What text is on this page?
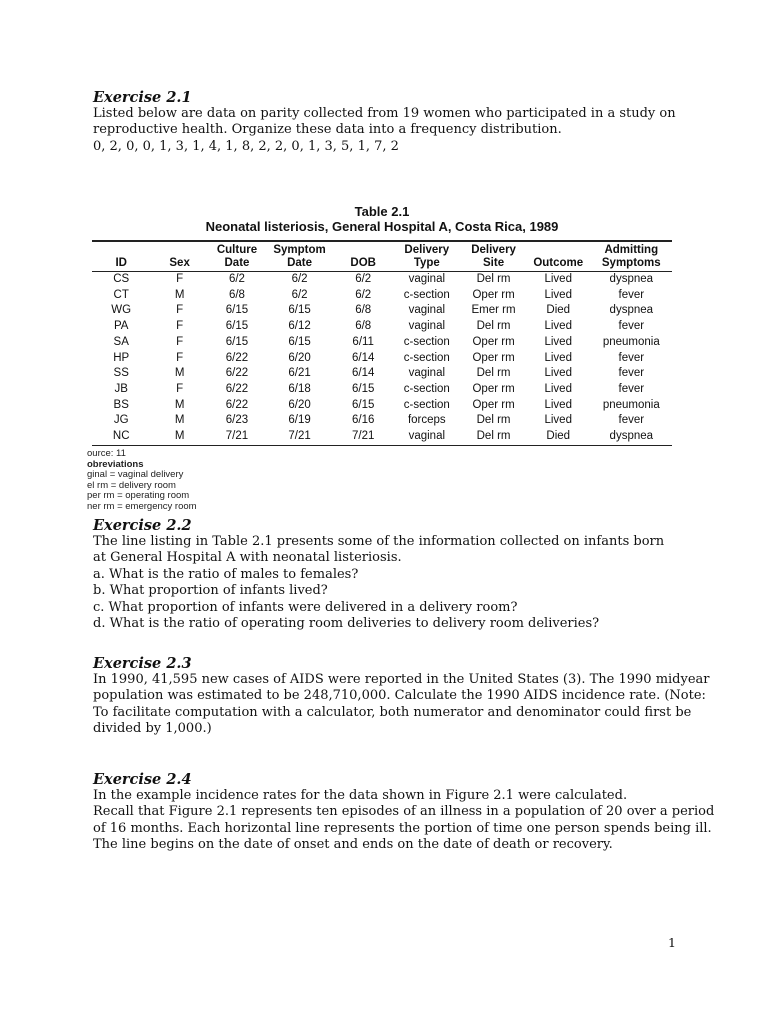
Exercise 2.1

Listed below are data on parity collected from 19 women who participated in a study on
reproductive health. Organize these data into a frequency distribution.
0, 2, 0, 0, 1, 3, 1, 4, 1, 8, 2, 2, 0, 1, 3, 5, 1, 7, 2
Table 2.1
Neonatal listeriosis, General Hospital A, Costa Rica, 1989
ID	Sex	Culture Date	Symptom Date	DOB	Delivery Type	Delivery Site	Outcome	Admitting Symptoms
CS	F	6/2	6/2	6/2	vaginal	Del rm	Lived	dyspnea
CT	M	6/8	6/2	6/2	c-section	Oper rm	Lived	fever
WG	F	6/15	6/15	6/8	vaginal	Emer rm	Died	dyspnea
PA	F	6/15	6/12	6/8	vaginal	Del rm	Lived	fever
SA	F	6/15	6/15	6/11	c-section	Oper rm	Lived	pneumonia
HP	F	6/22	6/20	6/14	c-section	Oper rm	Lived	fever
SS	M	6/22	6/21	6/14	vaginal	Del rm	Lived	fever
JB	F	6/22	6/18	6/15	c-section	Oper rm	Lived	fever
BS	M	6/22	6/20	6/15	c-section	Oper rm	Lived	pneumonia
JG	M	6/23	6/19	6/16	forceps	Del rm	Lived	fever
NC	M	7/21	7/21	7/21	vaginal	Del rm	Died	dyspnea
ource: 11
obreviations
ginal = vaginal delivery
el rm = delivery room
per rm = operating room
ner rm = emergency room

Exercise 2.2

The line listing in Table 2.1 presents some of the information collected on infants born
at General Hospital A with neonatal listeriosis.
a. What is the ratio of males to females?
b. What proportion of infants lived?
c. What proportion of infants were delivered in a delivery room?
d. What is the ratio of operating room deliveries to delivery room deliveries?

Exercise 2.3

In 1990, 41,595 new cases of AIDS were reported in the United States (3). The 1990 midyear
population was estimated to be 248,710,000. Calculate the 1990 AIDS incidence rate. (Note:
To facilitate computation with a calculator, both numerator and denominator could first be
divided by 1,000.)

Exercise 2.4

In the example incidence rates for the data shown in Figure 2.1 were calculated.
Recall that Figure 2.1 represents ten episodes of an illness in a population of 20 over a period
of 16 months. Each horizontal line represents the portion of time one person spends being ill.
The line begins on the date of onset and ends on the date of death or recovery.
1
